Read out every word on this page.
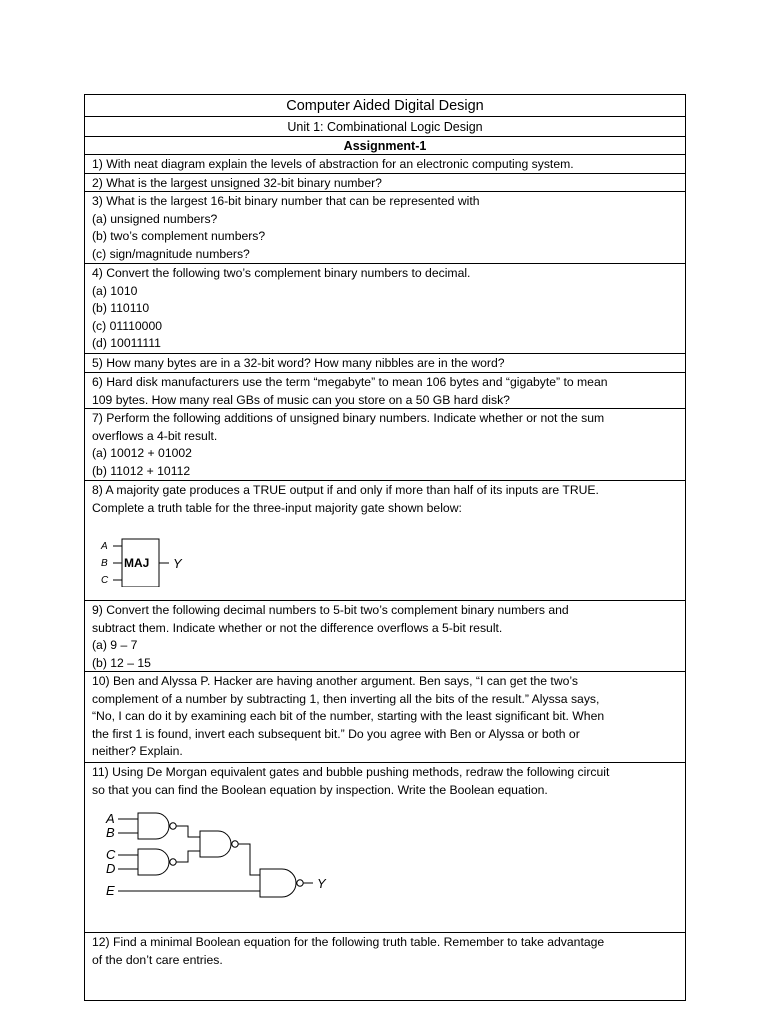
Computer Aided Digital Design
Unit 1: Combinational Logic Design
Assignment-1
1) With neat diagram explain the levels of abstraction for an electronic computing system.
2) What is the largest unsigned 32-bit binary number?
3) What is the largest 16-bit binary number that can be represented with
(a) unsigned numbers?
(b) two’s complement numbers?
(c) sign/magnitude numbers?
4) Convert the following two’s complement binary numbers to decimal.
(a) 1010
(b) 110110
(c) 01110000
(d) 10011111
5) How many bytes are in a 32-bit word? How many nibbles are in the word?
6) Hard disk manufacturers use the term “megabyte” to mean 106 bytes and “gigabyte” to mean
109 bytes. How many real GBs of music can you store on a 50 GB hard disk?
7) Perform the following additions of unsigned binary numbers. Indicate whether or not the sum
overflows a 4-bit result.
(a) 10012 + 01002
(b) 11012 + 10112
8) A majority gate produces a TRUE output if and only if more than half of its inputs are TRUE.
Complete a truth table for the three-input majority gate shown below:
A
B
C
MAJ Y
9) Convert the following decimal numbers to 5-bit two’s complement binary numbers and
subtract them. Indicate whether or not the difference overflows a 5-bit result.
(a) 9 – 7
(b) 12 – 15
10) Ben and Alyssa P. Hacker are having another argument. Ben says, “I can get the two’s
complement of a number by subtracting 1, then inverting all the bits of the result.” Alyssa says,
“No, I can do it by examining each bit of the number, starting with the least significant bit. When
the first 1 is found, invert each subsequent bit.” Do you agree with Ben or Alyssa or both or
neither? Explain.
11) Using De Morgan equivalent gates and bubble pushing methods, redraw the following circuit
so that you can find the Boolean equation by inspection. Write the Boolean equation.
A
B
C
D
E	Y
12) Find a minimal Boolean equation for the following truth table. Remember to take advantage
of the don’t care entries.
